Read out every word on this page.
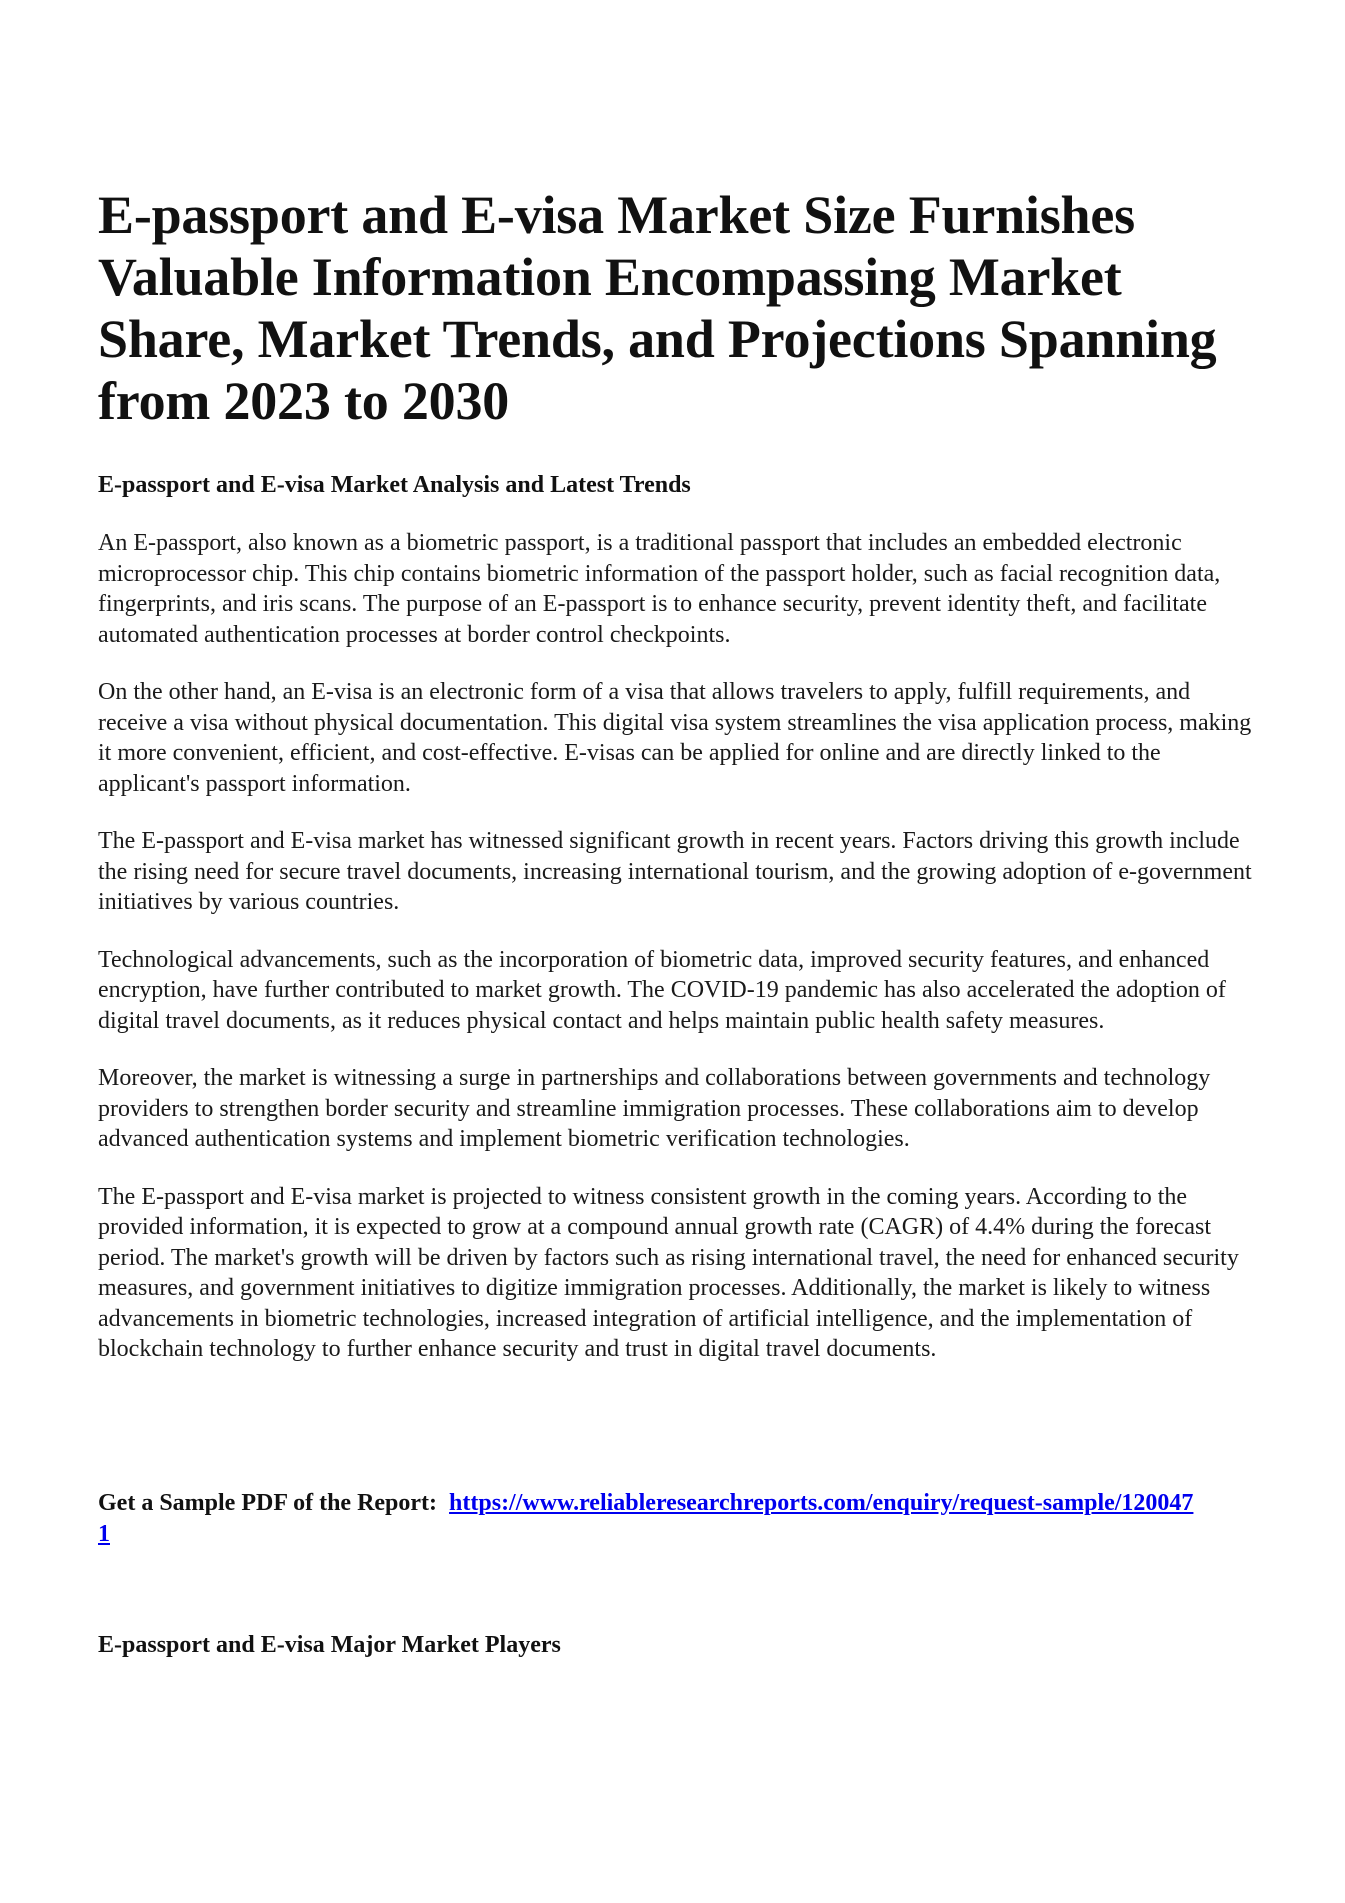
E-passport and E-visa Market Size Furnishes Valuable Information Encompassing Market Share, Market Trends, and Projections Spanning from 2023 to 2030
E-passport and E-visa Market Analysis and Latest Trends

An E-passport, also known as a biometric passport, is a traditional passport that includes an embedded electronic microprocessor chip. This chip contains biometric information of the passport holder, such as facial recognition data, fingerprints, and iris scans. The purpose of an E-passport is to enhance security, prevent identity theft, and facilitate automated authentication processes at border control checkpoints.

On the other hand, an E-visa is an electronic form of a visa that allows travelers to apply, fulfill requirements, and receive a visa without physical documentation. This digital visa system streamlines the visa application process, making it more convenient, efficient, and cost-effective. E-visas can be applied for online and are directly linked to the applicant's passport information.

The E-passport and E-visa market has witnessed significant growth in recent years. Factors driving this growth include the rising need for secure travel documents, increasing international tourism, and the growing adoption of e-government initiatives by various countries.

Technological advancements, such as the incorporation of biometric data, improved security features, and enhanced encryption, have further contributed to market growth. The COVID-19 pandemic has also accelerated the adoption of digital travel documents, as it reduces physical contact and helps maintain public health safety measures.

Moreover, the market is witnessing a surge in partnerships and collaborations between governments and technology providers to strengthen border security and streamline immigration processes. These collaborations aim to develop advanced authentication systems and implement biometric verification technologies.

The E-passport and E-visa market is projected to witness consistent growth in the coming years. According to the provided information, it is expected to grow at a compound annual growth rate (CAGR) of 4.4% during the forecast period. The market's growth will be driven by factors such as rising international travel, the need for enhanced security measures, and government initiatives to digitize immigration processes. Additionally, the market is likely to witness advancements in biometric technologies, increased integration of artificial intelligence, and the implementation of blockchain technology to further enhance security and trust in digital travel documents.

Get a Sample PDF of the Report: https://www.reliableresearchreports.com/enquiry/request-sample/1200471

E-passport and E-visa Major Market Players
